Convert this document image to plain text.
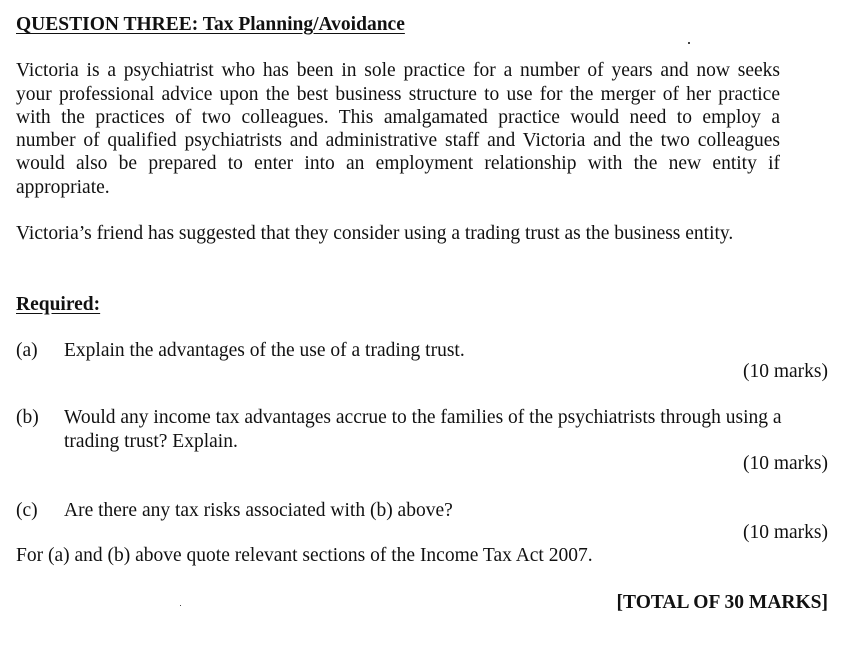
QUESTION THREE: Tax Planning/Avoidance

Victoria is a psychiatrist who has been in sole practice for a number of years and now seeks

your professional advice upon the best business structure to use for the merger of her practice

with the practices of two colleagues. This amalgamated practice would need to employ a

number of qualified psychiatrists and administrative staff and Victoria and the two colleagues

would also be prepared to enter into an employment relationship with the new entity if

appropriate.

Victoria’s friend has suggested that they consider using a trading trust as the business entity.

Required:
(a) Explain the advantages of the use of a trading trust.
(10 marks)
(b) Would any income tax advantages accrue to the families of the psychiatrists through using a
trading trust? Explain.
(10 marks)
(c) Are there any tax risks associated with (b) above?
(10 marks)

For (a) and (b) above quote relevant sections of the Income Tax Act 2007.

[TOTAL OF 30 MARKS]
